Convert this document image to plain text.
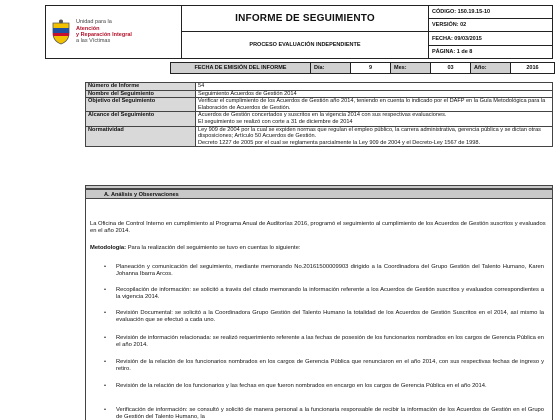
Unidad para la
Atención
y Reparación Integral
a las Víctimas	INFORME DE SEGUIMIENTO	CÓDIGO: 150.19.15-10
		VERSIÓN: 02

	PROCESO EVALUACIÓN INDEPENDIENTE	FECHA: 09/03/2015
		PÁGINA: 1 de 8
FECHA DE EMISIÓN DEL INFORME	Día:	9	Mes:	03	Año:	2016
Número de Informe	54
Nombre del Seguimiento	Seguimiento Acuerdos de Gestión 2014
Objetivo del Seguimiento	Verificar el cumplimiento de los Acuerdos de Gestión año 2014, teniendo en cuenta lo indicado por el DAFP en la Guía Metodológica para la Elaboración de Acuerdos de Gestión.
Alcance del Seguimiento	Acuerdos de Gestión concertados y suscritos en la vigencia 2014 con sus respectivas evaluaciones.
El seguimiento se realizó con corte a 31 de diciembre de 2014

Normatividad	Ley 909 de 2004 por la cual se expiden normas que regulan el empleo público, la carrera administrativa, gerencia pública y se dictan otras disposiciones; Artículo 50 Acuerdos de Gestión.
Decreto 1227 de 2005 por el cual se reglamenta parcialmente la Ley 909 de 2004 y el Decreto-Ley 1567 de 1998.
A. Análisis y Observaciones
La Oficina de Control Interno en cumplimiento al Programa Anual de Auditorías 2016, programó el seguimiento al cumplimiento de los Acuerdos de Gestión suscritos y evaluados en el año 2014.
Metodología: Para la realización del seguimiento se tuvo en cuentas lo siguiente:
• Planeación y comunicación del seguimiento, mediante memorando No.20161500009903 dirigido a la Coordinadora del Grupo Gestión del Talento Humano, Karen Johanna Ibarra Arcos.
• Recopilación de información: se solicitó a través del citado memorando la información referente a los Acuerdos de Gestión suscritos y evaluados correspondientes a la vigencia 2014.
• Revisión Documental: se solicitó a la Coordinadora Grupo Gestión del Talento Humano la totalidad de los Acuerdos de Gestión Suscritos en el 2014, así mismo la evaluación que se efectuó a cada uno.
• Revisión de información relacionada: se realizó requerimiento referente a las fechas de posesión de los funcionarios nombrados en los cargos de Gerencia Pública en el año 2014.
• Revisión de la relación de los funcionarios nombrados en los cargos de Gerencia Pública que renunciaron en el año 2014, con sus respectivas fechas de ingreso y retiro.
• Revisión de la relación de los funcionarios y las fechas en que fueron nombrados en encargo en los cargos de Gerencia Pública en el año 2014.
• Verificación de información: se consultó y solicitó de manera personal a la funcionaria responsable de recibir la información de los Acuerdos de Gestión en el Grupo de Gestión del Talento Humano, la
